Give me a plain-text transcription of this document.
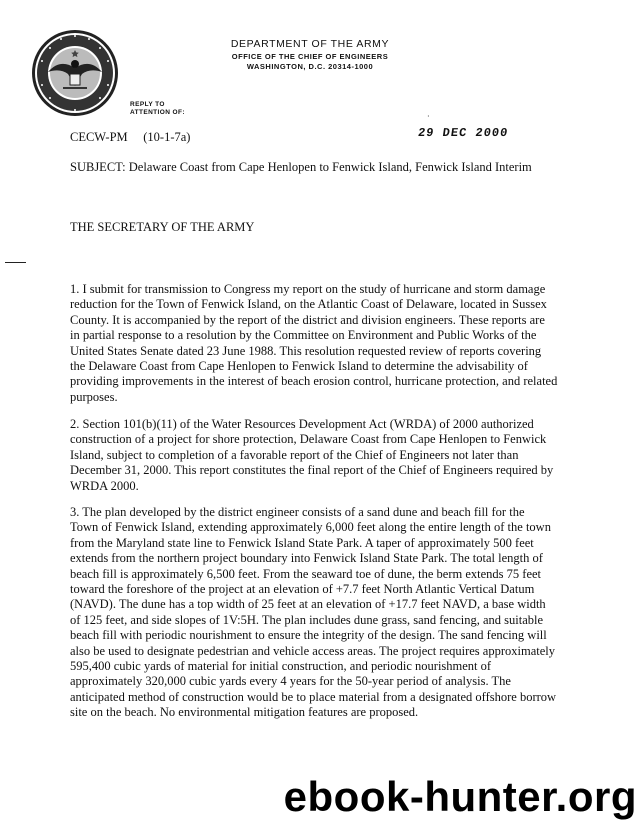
DEPARTMENT OF THE ARMY
OFFICE OF THE CHIEF OF ENGINEERS
WASHINGTON, D.C. 20314-1000
REPLY TO
ATTENTION OF:
CECW-PM     (10-1-7a)
·
29 DEC 2000
SUBJECT: Delaware Coast from Cape Henlopen to Fenwick Island, Fenwick Island Interim
THE SECRETARY OF THE ARMY

1. I submit for transmission to Congress my report on the study of hurricane and storm damage
reduction for the Town of Fenwick Island, on the Atlantic Coast of Delaware, located in Sussex
County. It is accompanied by the report of the district and division engineers. These reports are
in partial response to a resolution by the Committee on Environment and Public Works of the
United States Senate dated 23 June 1988. This resolution requested review of reports covering
the Delaware Coast from Cape Henlopen to Fenwick Island to determine the advisability of
providing improvements in the interest of beach erosion control, hurricane protection, and related
purposes.

2. Section 101(b)(11) of the Water Resources Development Act (WRDA) of 2000 authorized
construction of a project for shore protection, Delaware Coast from Cape Henlopen to Fenwick
Island, subject to completion of a favorable report of the Chief of Engineers not later than
December 31, 2000. This report constitutes the final report of the Chief of Engineers required by
WRDA 2000.

3. The plan developed by the district engineer consists of a sand dune and beach fill for the
Town of Fenwick Island, extending approximately 6,000 feet along the entire length of the town
from the Maryland state line to Fenwick Island State Park. A taper of approximately 500 feet
extends from the northern project boundary into Fenwick Island State Park. The total length of
beach fill is approximately 6,500 feet. From the seaward toe of dune, the berm extends 75 feet
toward the foreshore of the project at an elevation of +7.7 feet North Atlantic Vertical Datum
(NAVD). The dune has a top width of 25 feet at an elevation of +17.7 feet NAVD, a base width
of 125 feet, and side slopes of 1V:5H. The plan includes dune grass, sand fencing, and suitable
beach fill with periodic nourishment to ensure the integrity of the design. The sand fencing will
also be used to designate pedestrian and vehicle access areas. The project requires approximately
595,400 cubic yards of material for initial construction, and periodic nourishment of
approximately 320,000 cubic yards every 4 years for the 50-year period of analysis. The
anticipated method of construction would be to place material from a designated offshore borrow
site on the beach. No environmental mitigation features are proposed.

ebook-hunter.org
